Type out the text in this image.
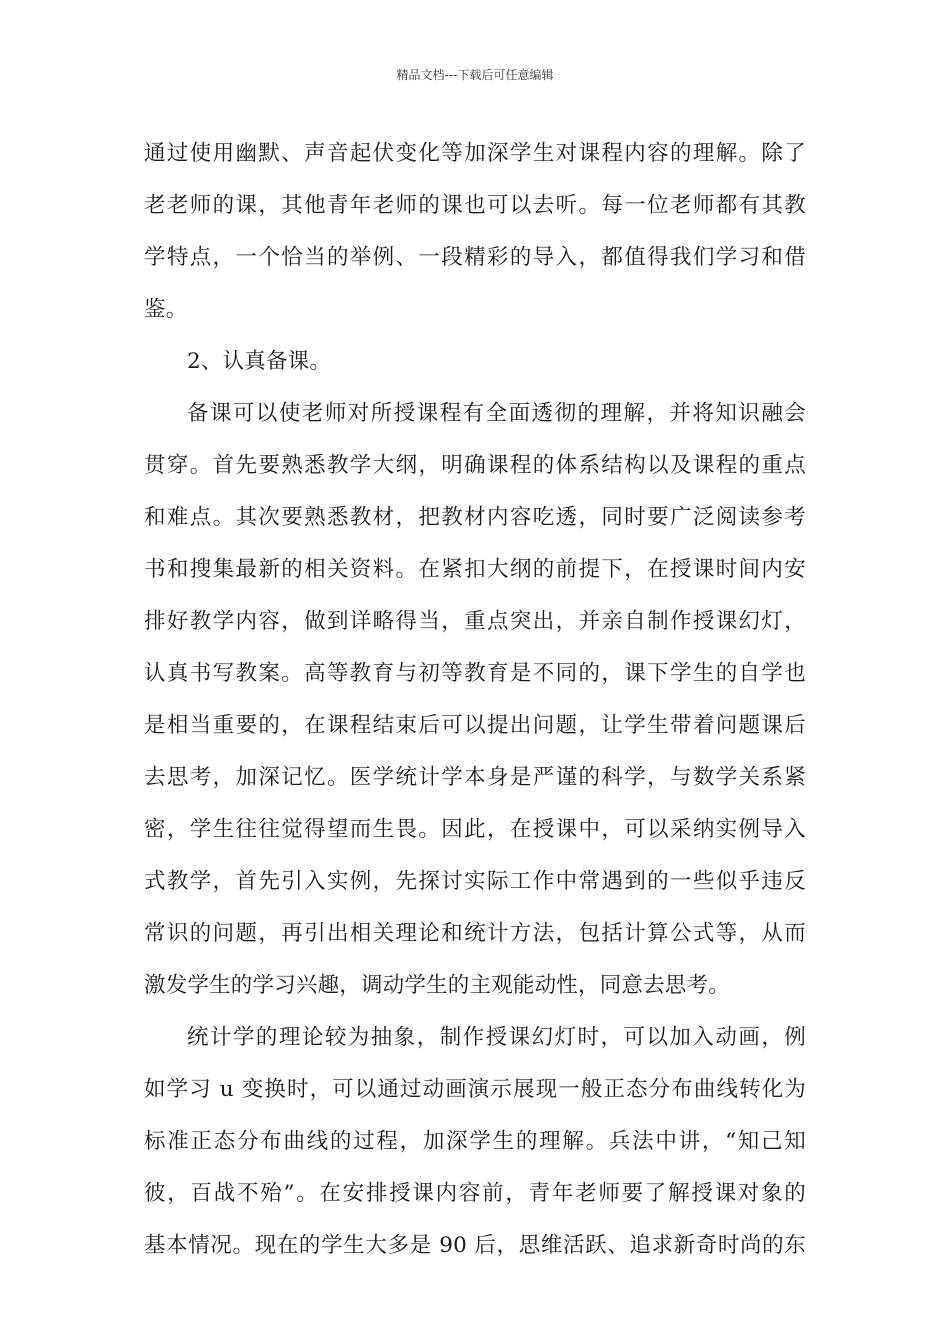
精品文档---下载后可任意编辑
通过使用幽默、声音起伏变化等加深学生对课程内容的理解。除了
老老师的课，其他青年老师的课也可以去听。每一位老师都有其教
学特点，一个恰当的举例、一段精彩的导入，都值得我们学习和借
鉴。
2、认真备课。
备课可以使老师对所授课程有全面透彻的理解，并将知识融会
贯穿。首先要熟悉教学大纲，明确课程的体系结构以及课程的重点
和难点。其次要熟悉教材，把教材内容吃透，同时要广泛阅读参考
书和搜集最新的相关资料。在紧扣大纲的前提下，在授课时间内安
排好教学内容，做到详略得当，重点突出，并亲自制作授课幻灯，
认真书写教案。高等教育与初等教育是不同的，课下学生的自学也
是相当重要的，在课程结束后可以提出问题，让学生带着问题课后
去思考，加深记忆。医学统计学本身是严谨的科学，与数学关系紧
密，学生往往觉得望而生畏。因此，在授课中，可以采纳实例导入
式教学，首先引入实例，先探讨实际工作中常遇到的一些似乎违反
常识的问题，再引出相关理论和统计方法，包括计算公式等，从而
激发学生的学习兴趣，调动学生的主观能动性，同意去思考。
统计学的理论较为抽象，制作授课幻灯时，可以加入动画，例
如学习 u 变换时，可以通过动画演示展现一般正态分布曲线转化为
标准正态分布曲线的过程，加深学生的理解。兵法中讲，“知己知
彼，百战不殆”。在安排授课内容前，青年老师要了解授课对象的
基本情况。现在的学生大多是 90 后，思维活跃、追求新奇时尚的东
